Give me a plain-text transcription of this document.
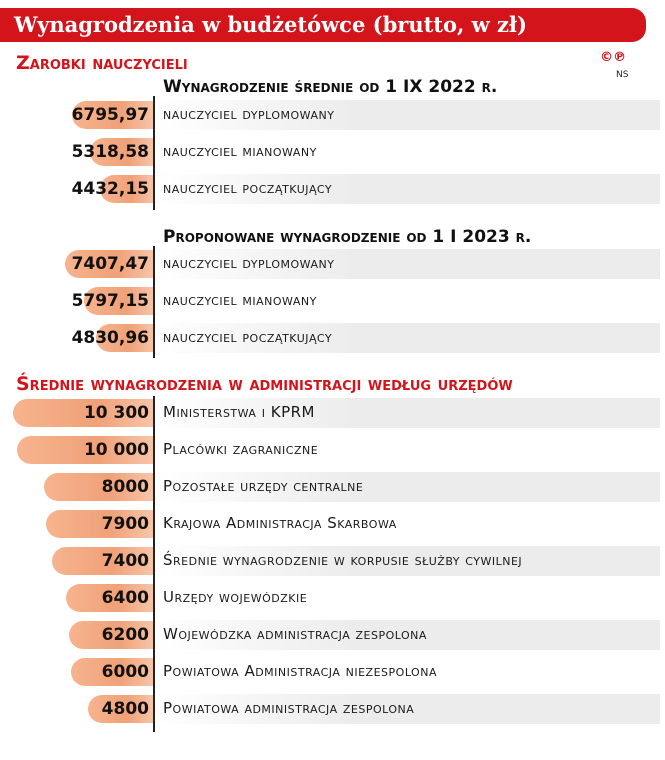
Wynagrodzenia w budżetówce (brutto, w zł)
©℗
NS
Zarobki nauczycieli
Wynagrodzenie średnie od 1 IX 2022 r.
Proponowane wynagrodzenie od 1 I 2023 r.
Średnie wynagrodzenia w administracji według urzędów
nauczyciel dyplomowany
6795,97
nauczyciel mianowany
5318,58
nauczyciel początkujący
4432,15
nauczyciel dyplomowany
7407,47
nauczyciel mianowany
5797,15
nauczyciel początkujący
4830,96
Ministerstwa i KPRM
10 300
Placówki zagraniczne
10 000
Pozostałe urzędy centralne
8000
Krajowa Administracja Skarbowa
7900
Średnie wynagrodzenie w korpusie służby cywilnej
7400
Urzędy wojewódzkie
6400
Wojewódzka administracja zespolona
6200
Powiatowa Administracja niezespolona
6000
Powiatowa administracja zespolona
4800
